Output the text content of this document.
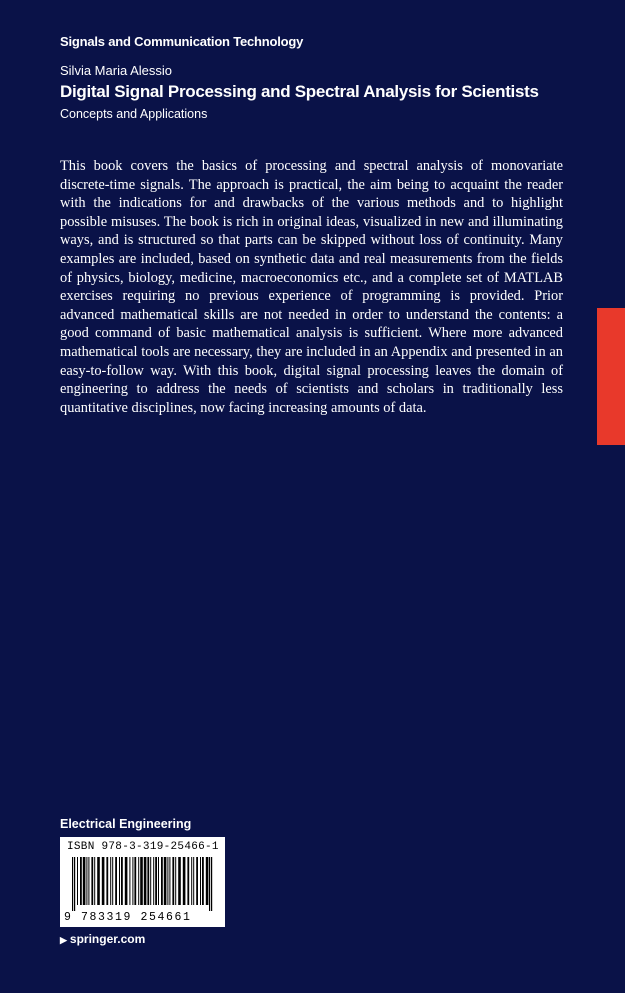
Signals and Communication Technology
Silvia Maria Alessio
Digital Signal Processing and Spectral Analysis for Scientists
Concepts and Applications

This book covers the basics of processing and spectral analysis of monovariate discrete-time signals. The approach is practical, the aim being to acquaint the reader with the indications for and drawbacks of the various methods and to highlight possible misuses. The book is rich in original ideas, visualized in new and illuminating ways, and is structured so that parts can be skipped without loss of continuity. Many examples are included, based on synthetic data and real measurements from the fields of physics, biology, medicine, macroeconomics etc., and a complete set of MATLAB exercises requiring no previous experience of programming is provided. Prior advanced mathematical skills are not needed in order to understand the contents: a good command of basic mathematical analysis is sufficient. Where more advanced mathematical tools are necessary, they are included in an Appendix and presented in an easy-to-follow way. With this book, digital signal processing leaves the domain of engineering to address the needs of scientists and scholars in traditionally less quantitative disciplines, now facing increasing amounts of data.

Electrical Engineering
ISBN 978-3-319-25466-1
9 783319 254661
▶ springer.com
